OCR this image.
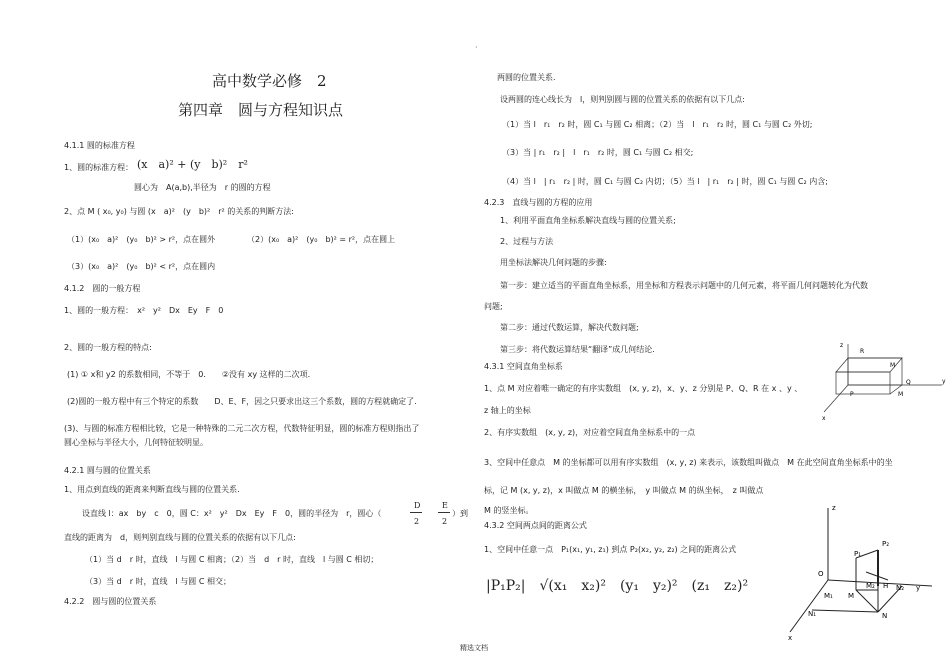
·
高中数学必修　2
第四章　圆与方程知识点
4.1.1 圆的标准方程
1、圆的标准方程： (x　a)² + (y　b)²　r²
圆心为　A(a,b),半径为　r 的圆的方程
2、点 M ( x₀, y₀) 与圆 (x　a)²　(y　b)²　r² 的关系的判断方法:
（1）(x₀　a)²　(y₀　b)² > r²，点在圆外	（2）(x₀　a)²　(y₀　b)² = r²，点在圆上
（3）(x₀　a)²　(y₀　b)² < r²，点在圆内
4.1.2　圆的一般方程
1、圆的一般方程：　x²　y²　Dx　Ey　F　0
2、圆的一般方程的特点:
(1) ① x和 y2 的系数相同，不等于　0.　　②没有 xy 这样的二次项.
(2)圆的一般方程中有三个特定的系数　　D、E、F，因之只要求出这三个系数，圆的方程就确定了.
(3)、与圆的标准方程相比较，它是一种特殊的二元二次方程，代数特征明显，圆的标准方程则指出了
圆心坐标与半径大小，几何特征较明显。
4.2.1 圆与圆的位置关系
1、用点到直线的距离来判断直线与圆的位置关系.
设直线 l：ax　by　c　0，圆 C：x²　y²　Dx　Ey　F　0，圆的半径为　r，圆心（
D
2
E
2
）到
直线的距离为　d，则判别直线与圆的位置关系的依据有以下几点:
（1）当 d　r 时，直线　l 与圆 C 相离；（2）当　d　r 时，直线　l 与圆 C 相切；
（3）当 d　r 时，直线　l 与圆 C 相交；
4.2.2　圆与圆的位置关系
两圆的位置关系.
设两圆的连心线长为　l，则判别圆与圆的位置关系的依据有以下几点:
（1）当 l　r₁　r₂ 时，圆 C₁ 与圆 C₂ 相离；（2）当　l　r₁　r₂ 时，圆 C₁ 与圆 C₂ 外切;
（3）当 | r₁　r₂ |　l　r₁　r₂ 时，圆 C₁ 与圆 C₂ 相交;
（4）当 l　| r₁　r₂ | 时，圆 C₁ 与圆 C₂ 内切；（5）当 l　| r₁　r₂ | 时，圆 C₁ 与圆 C₂ 内含;
4.2.3　直线与圆的方程的应用
1、利用平面直角坐标系解决直线与圆的位置关系;
2、过程与方法
用坐标法解决几何问题的步骤:
第一步：建立适当的平面直角坐标系，用坐标和方程表示问题中的几何元素，将平面几何问题转化为代数
问题;
第二步：通过代数运算，解决代数问题;
第三步：将代数运算结果“翻译”成几何结论.
4.3.1 空间直角坐标系
1、点 M 对应着唯一确定的有序实数组　(x, y, z)，x、y、z 分别是 P、Q、R 在 x 、y 、
z 轴上的坐标
2、有序实数组　(x, y, z)，对应着空间直角坐标系中的一点
3、空间中任意点　M 的坐标都可以用有序实数组　(x, y, z) 来表示，该数组叫做点　M 在此空间直角坐标系中的坐
标，记 M (x, y, z)，x 叫做点 M 的横坐标，　y 叫做点 M 的纵坐标，　z 叫做点
M 的竖坐标。
4.3.2 空间两点间的距离公式
1、空间中任意一点　P₁(x₁, y₁, z₁) 到点 P₂(x₂, y₂, z₂) 之间的距离公式
|P₁P₂|　√(x₁　x₂)²　(y₁　y₂)²　(z₁　z₂)²
R
M
Q
P	M
y
z
x
z
P₁
P₂
O
M₁ M
M₂ H N₂ y
N₁	N
x
精选文档
